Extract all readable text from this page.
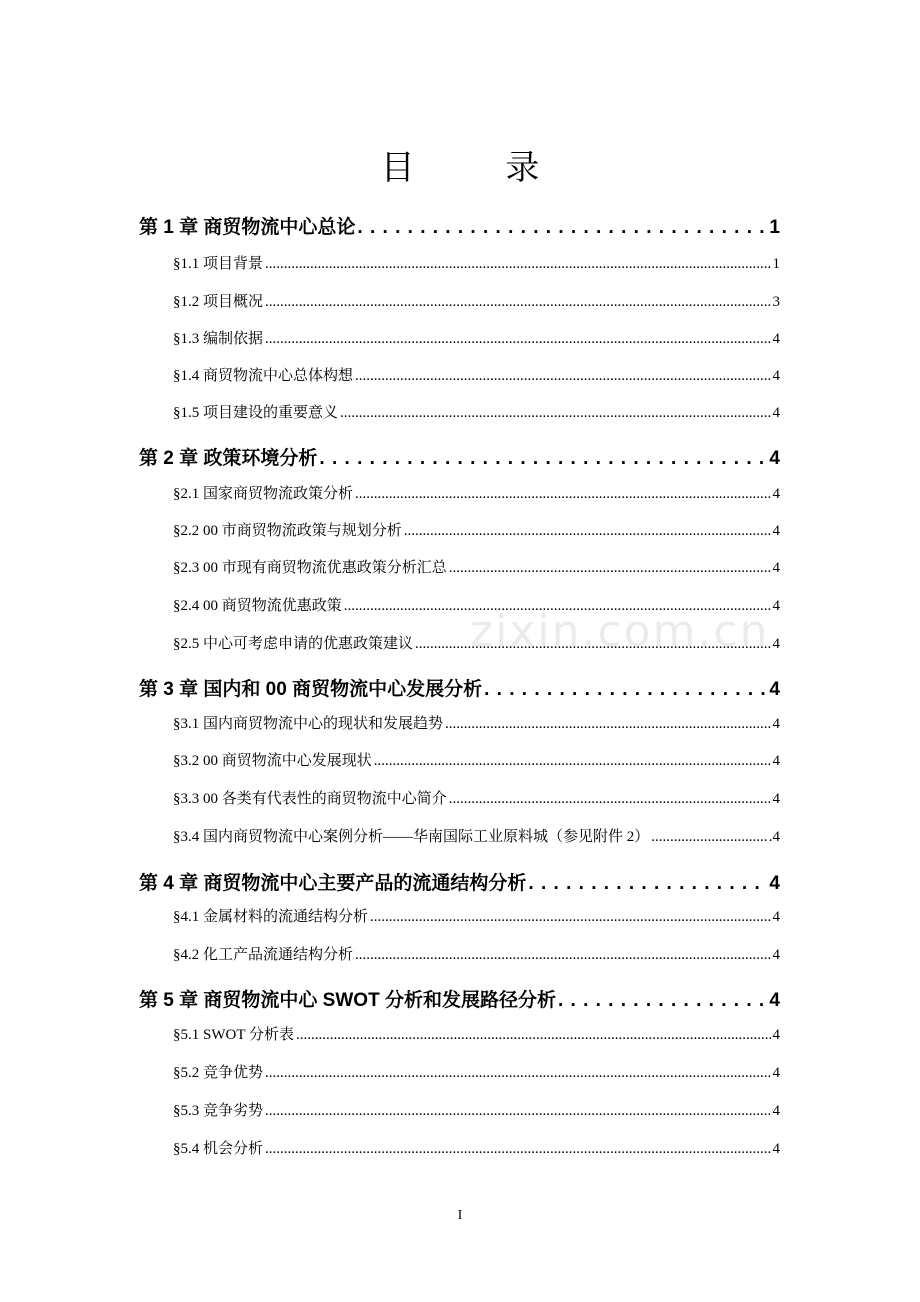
目 录
zixin.com.cn
第 1 章 商贸物流中心总论 . . .	1
§1.1 项目背景 .....	1
§1.2 项目概况 .....	3
§1.3 编制依据 .....	4
§1.4 商贸物流中心总体构想 .....	4
§1.5 项目建设的重要意义 .....	4
第 2 章 政策环境分析 . . .	4
§2.1 国家商贸物流政策分析 .....	4
§2.2 00 市商贸物流政策与规划分析 .....	4
§2.3 00 市现有商贸物流优惠政策分析汇总 .....	4
§2.4 00 商贸物流优惠政策 .....	4
§2.5 中心可考虑申请的优惠政策建议 .....	4
第 3 章 国内和 00 商贸物流中心发展分析 . . .	4
§3.1 国内商贸物流中心的现状和发展趋势 .....	4
§3.2 00 商贸物流中心发展现状 .....	4
§3.3 00 各类有代表性的商贸物流中心简介 .....	4
§3.4 国内商贸物流中心案例分析——华南国际工业原料城（参见附件 2） .....	.4
第 4 章 商贸物流中心主要产品的流通结构分析 . . .	4
§4.1 金属材料的流通结构分析 .....	4
§4.2 化工产品流通结构分析 .....	4
第 5 章 商贸物流中心 SWOT 分析和发展路径分析 . . .	4
§5.1 SWOT 分析表 .....	4
§5.2 竞争优势 .....	4
§5.3 竞争劣势 .....	4
§5.4 机会分析 .....	4
I
